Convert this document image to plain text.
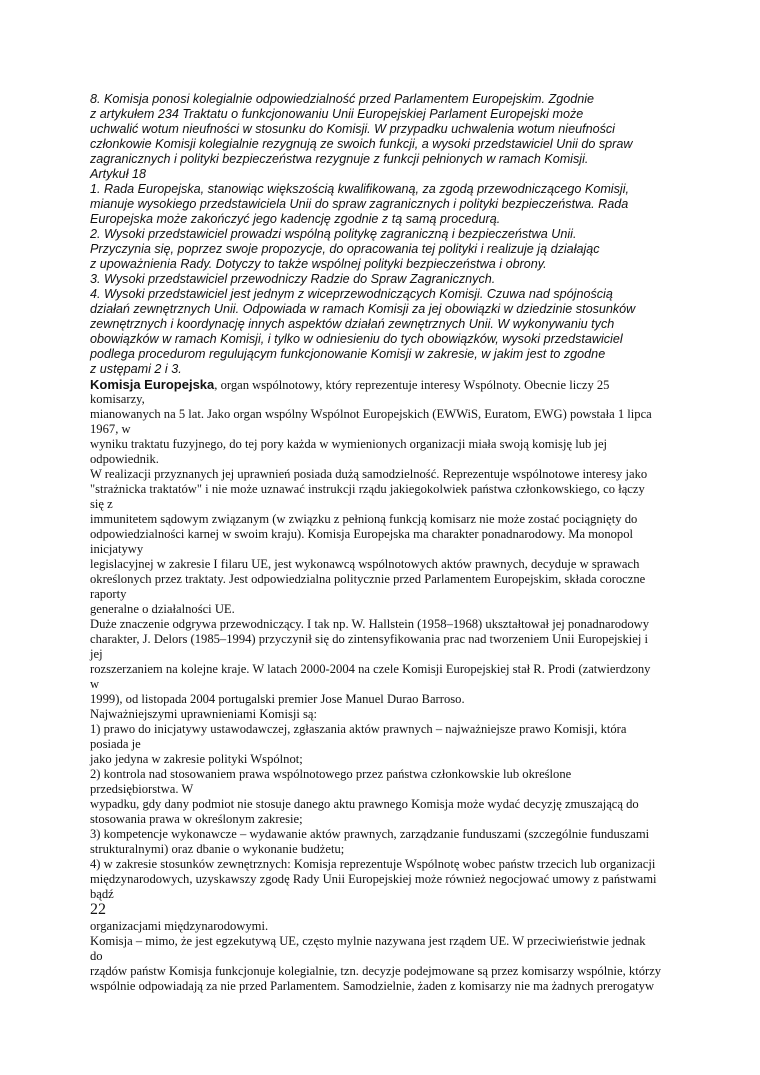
8. Komisja ponosi kolegialnie odpowiedzialność przed Parlamentem Europejskim. Zgodnie
z artykułem 234 Traktatu o funkcjonowaniu Unii Europejskiej Parlament Europejski może
uchwalić wotum nieufności w stosunku do Komisji. W przypadku uchwalenia wotum nieufności
członkowie Komisji kolegialnie rezygnują ze swoich funkcji, a wysoki przedstawiciel Unii do spraw
zagranicznych i polityki bezpieczeństwa rezygnuje z funkcji pełnionych w ramach Komisji.
Artykuł 18
1. Rada Europejska, stanowiąc większością kwalifikowaną, za zgodą przewodniczącego Komisji,
mianuje wysokiego przedstawiciela Unii do spraw zagranicznych i polityki bezpieczeństwa. Rada
Europejska może zakończyć jego kadencję zgodnie z tą samą procedurą.
2. Wysoki przedstawiciel prowadzi wspólną politykę zagraniczną i bezpieczeństwa Unii.
Przyczynia się, poprzez swoje propozycje, do opracowania tej polityki i realizuje ją działając
z upoważnienia Rady. Dotyczy to także wspólnej polityki bezpieczeństwa i obrony.
3. Wysoki przedstawiciel przewodniczy Radzie do Spraw Zagranicznych.
4. Wysoki przedstawiciel jest jednym z wiceprzewodniczących Komisji. Czuwa nad spójnością
działań zewnętrznych Unii. Odpowiada w ramach Komisji za jej obowiązki w dziedzinie stosunków
zewnętrznych i koordynację innych aspektów działań zewnętrznych Unii. W wykonywaniu tych
obowiązków w ramach Komisji, i tylko w odniesieniu do tych obowiązków, wysoki przedstawiciel
podlega procedurom regulującym funkcjonowanie Komisji w zakresie, w jakim jest to zgodne
z ustępami 2 i 3.
Komisja Europejska, organ wspólnotowy, który reprezentuje interesy Wspólnoty. Obecnie liczy 25
komisarzy,
mianowanych na 5 lat. Jako organ wspólny Wspólnot Europejskich (EWWiS, Euratom, EWG) powstała 1 lipca
1967, w
wyniku traktatu fuzyjnego, do tej pory każda w wymienionych organizacji miała swoją komisję lub jej
odpowiednik.
W realizacji przyznanych jej uprawnień posiada dużą samodzielność. Reprezentuje wspólnotowe interesy jako
"strażnicka traktatów" i nie może uznawać instrukcji rządu jakiegokolwiek państwa członkowskiego, co łączy
się z
immunitetem sądowym związanym (w związku z pełnioną funkcją komisarz nie może zostać pociągnięty do
odpowiedzialności karnej w swoim kraju). Komisja Europejska ma charakter ponadnarodowy. Ma monopol
inicjatywy
legislacyjnej w zakresie I filaru UE, jest wykonawcą wspólnotowych aktów prawnych, decyduje w sprawach
określonych przez traktaty. Jest odpowiedzialna politycznie przed Parlamentem Europejskim, składa coroczne
raporty
generalne o działalności UE.
Duże znaczenie odgrywa przewodniczący. I tak np. W. Hallstein (1958–1968) ukształtował jej ponadnarodowy
charakter, J. Delors (1985–1994) przyczynił się do zintensyfikowania prac nad tworzeniem Unii Europejskiej i
jej
rozszerzaniem na kolejne kraje. W latach 2000-2004 na czele Komisji Europejskiej stał R. Prodi (zatwierdzony
w
1999), od listopada 2004 portugalski premier Jose Manuel Durao Barroso.
Najważniejszymi uprawnieniami Komisji są:
1) prawo do inicjatywy ustawodawczej, zgłaszania aktów prawnych – najważniejsze prawo Komisji, która
posiada je
jako jedyna w zakresie polityki Wspólnot;
2) kontrola nad stosowaniem prawa wspólnotowego przez państwa członkowskie lub określone
przedsiębiorstwa. W
wypadku, gdy dany podmiot nie stosuje danego aktu prawnego Komisja może wydać decyzję zmuszającą do
stosowania prawa w określonym zakresie;
3) kompetencje wykonawcze – wydawanie aktów prawnych, zarządzanie funduszami (szczególnie funduszami
strukturalnymi) oraz dbanie o wykonanie budżetu;
4) w zakresie stosunków zewnętrznych: Komisja reprezentuje Wspólnotę wobec państw trzecich lub organizacji
międzynarodowych, uzyskawszy zgodę Rady Unii Europejskiej może również negocjować umowy z państwami
bądź
22
organizacjami międzynarodowymi.
Komisja – mimo, że jest egzekutywą UE, często mylnie nazywana jest rządem UE. W przeciwieństwie jednak
do
rządów państw Komisja funkcjonuje kolegialnie, tzn. decyzje podejmowane są przez komisarzy wspólnie, którzy
wspólnie odpowiadają za nie przed Parlamentem. Samodzielnie, żaden z komisarzy nie ma żadnych prerogatyw
